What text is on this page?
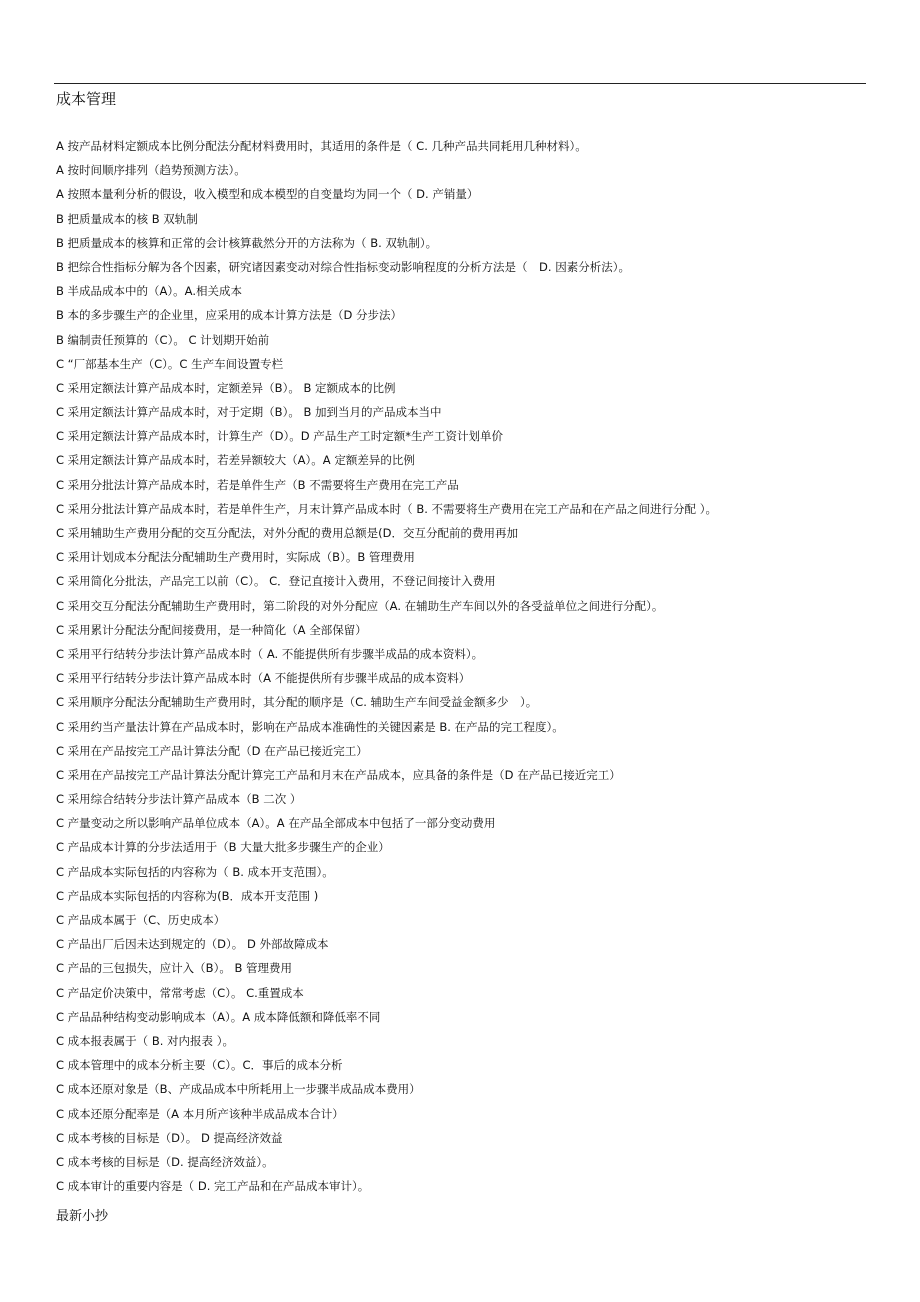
成本管理
A 按产品材料定额成本比例分配法分配材料费用时，其适用的条件是（ C. 几种产品共同耗用几种材料）。
A 按时间顺序排列（趋势预测方法）。
A 按照本量利分析的假设，收入模型和成本模型的自变量均为同一个（ D. 产销量）
B 把质量成本的核 B 双轨制
B 把质量成本的核算和正常的会计核算截然分开的方法称为（ B. 双轨制）。
B 把综合性指标分解为各个因素，研究诸因素变动对综合性指标变动影响程度的分析方法是（　D. 因素分析法）。
B 半成品成本中的（A）。A.相关成本
B 本的多步骤生产的企业里，应采用的成本计算方法是（D 分步法）
B 编制责任预算的（C）。 C 计划期开始前
C “厂部基本生产（C）。C 生产车间设置专栏
C 采用定额法计算产品成本时，定额差异（B）。 B 定额成本的比例
C 采用定额法计算产品成本时，对于定期（B）。 B 加到当月的产品成本当中
C 采用定额法计算产品成本时，计算生产（D）。D 产品生产工时定额*生产工资计划单价
C 采用定额法计算产品成本时，若差异额较大（A）。A 定额差异的比例
C 采用分批法计算产品成本时，若是单件生产（B 不需要将生产费用在完工产品
C 采用分批法计算产品成本时，若是单件生产，月末计算产品成本时（ B. 不需要将生产费用在完工产品和在产品之间进行分配 ）。
C 采用辅助生产费用分配的交互分配法，对外分配的费用总额是(D．交互分配前的费用再加
C 采用计划成本分配法分配辅助生产费用时，实际成（B）。B 管理费用
C 采用简化分批法，产品完工以前（C）。 C．登记直接计入费用，不登记间接计入费用
C 采用交互分配法分配辅助生产费用时，第二阶段的对外分配应（A. 在辅助生产车间以外的各受益单位之间进行分配）。
C 采用累计分配法分配间接费用，是一种简化（A 全部保留）
C 采用平行结转分步法计算产品成本时（ A. 不能提供所有步骤半成品的成本资料）。
C 采用平行结转分步法计算产品成本时（A 不能提供所有步骤半成品的成本资料）
C 采用顺序分配法分配辅助生产费用时，其分配的顺序是（C. 辅助生产车间受益金额多少　）。
C 采用约当产量法计算在产品成本时，影响在产品成本准确性的关键因素是 B. 在产品的完工程度）。
C 采用在产品按完工产品计算法分配（D 在产品已接近完工）
C 采用在产品按完工产品计算法分配计算完工产品和月末在产品成本，应具备的条件是（D 在产品已接近完工）
C 采用综合结转分步法计算产品成本（B 二次 ）
C 产量变动之所以影响产品单位成本（A）。A 在产品全部成本中包括了一部分变动费用
C 产品成本计算的分步法适用于（B 大量大批多步骤生产的企业）
C 产品成本实际包括的内容称为（ B. 成本开支范围）。
C 产品成本实际包括的内容称为(B．成本开支范围 )
C 产品成本属于（C、历史成本）
C 产品出厂后因未达到规定的（D）。 D 外部故障成本
C 产品的三包损失，应计入（B）。 B 管理费用
C 产品定价决策中，常常考虑（C）。 C.重置成本
C 产品品种结构变动影响成本（A）。A 成本降低额和降低率不同
C 成本报表属于（ B. 对内报表 ）。
C 成本管理中的成本分析主要（C）。C．事后的成本分析
C 成本还原对象是（B、产成品成本中所耗用上一步骤半成品成本费用）
C 成本还原分配率是（A 本月所产该种半成品成本合计）
C 成本考核的目标是（D）。 D 提高经济效益
C 成本考核的目标是（D. 提高经济效益）。
C 成本审计的重要内容是（ D. 完工产品和在产品成本审计）。
最新小抄
